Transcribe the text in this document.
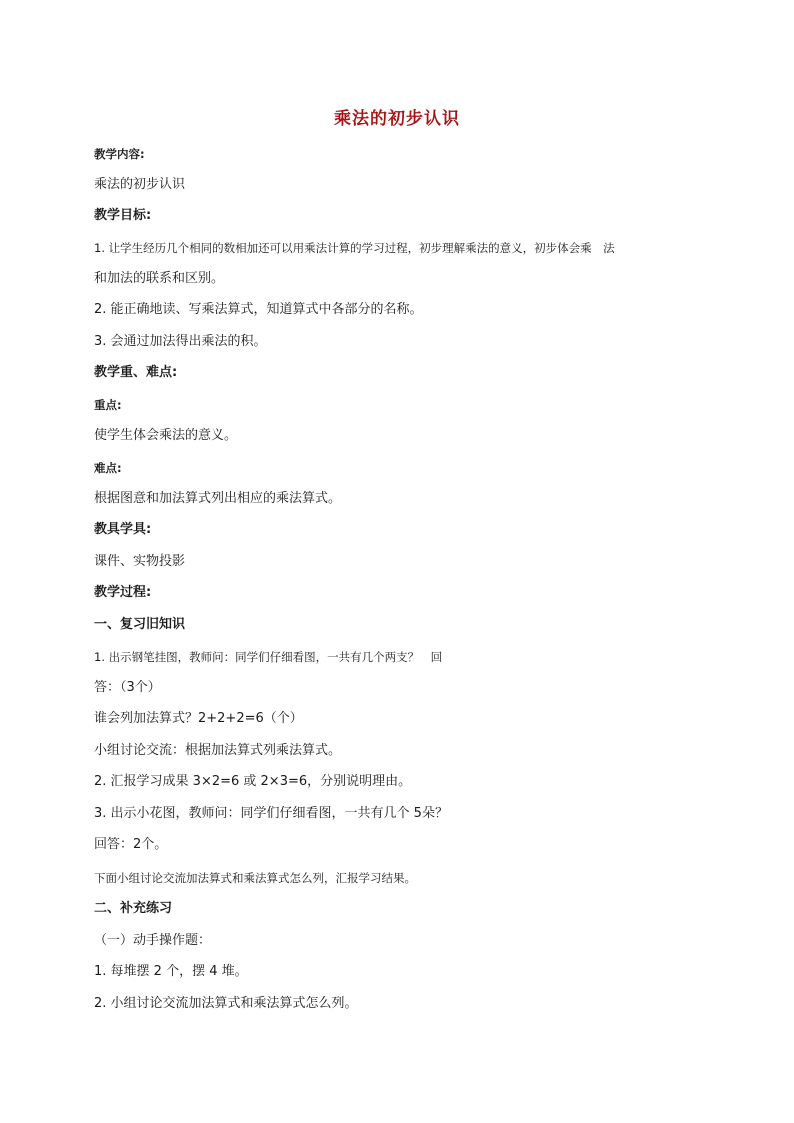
乘法的初步认识
教学内容:
乘法的初步认识
教学目标:
1. 让学生经历几个相同的数相加还可以用乘法计算的学习过程，初步理解乘法的意义，初步体会乘　法
和加法的联系和区别。
2. 能正确地读、写乘法算式，知道算式中各部分的名称。
3. 会通过加法得出乘法的积。
教学重、难点:
重点:
使学生体会乘法的意义。
难点:
根据图意和加法算式列出相应的乘法算式。
教具学具:
课件、实物投影
教学过程:
一、复习旧知识
1. 出示钢笔挂图，教师问：同学们仔细看图，一共有几个两支？　回
答：（3个）
谁会列加法算式？2+2+2=6（个）
小组讨论交流：根据加法算式列乘法算式。
2. 汇报学习成果 3×2=6 或 2×3=6，分别说明理由。
3. 出示小花图，教师问：同学们仔细看图，一共有几个 5朵？
回答：2个。
下面小组讨论交流加法算式和乘法算式怎么列，汇报学习结果。
二、补充练习
（一）动手操作题：
1. 每堆摆 2 个，摆 4 堆。
2. 小组讨论交流加法算式和乘法算式怎么列。
